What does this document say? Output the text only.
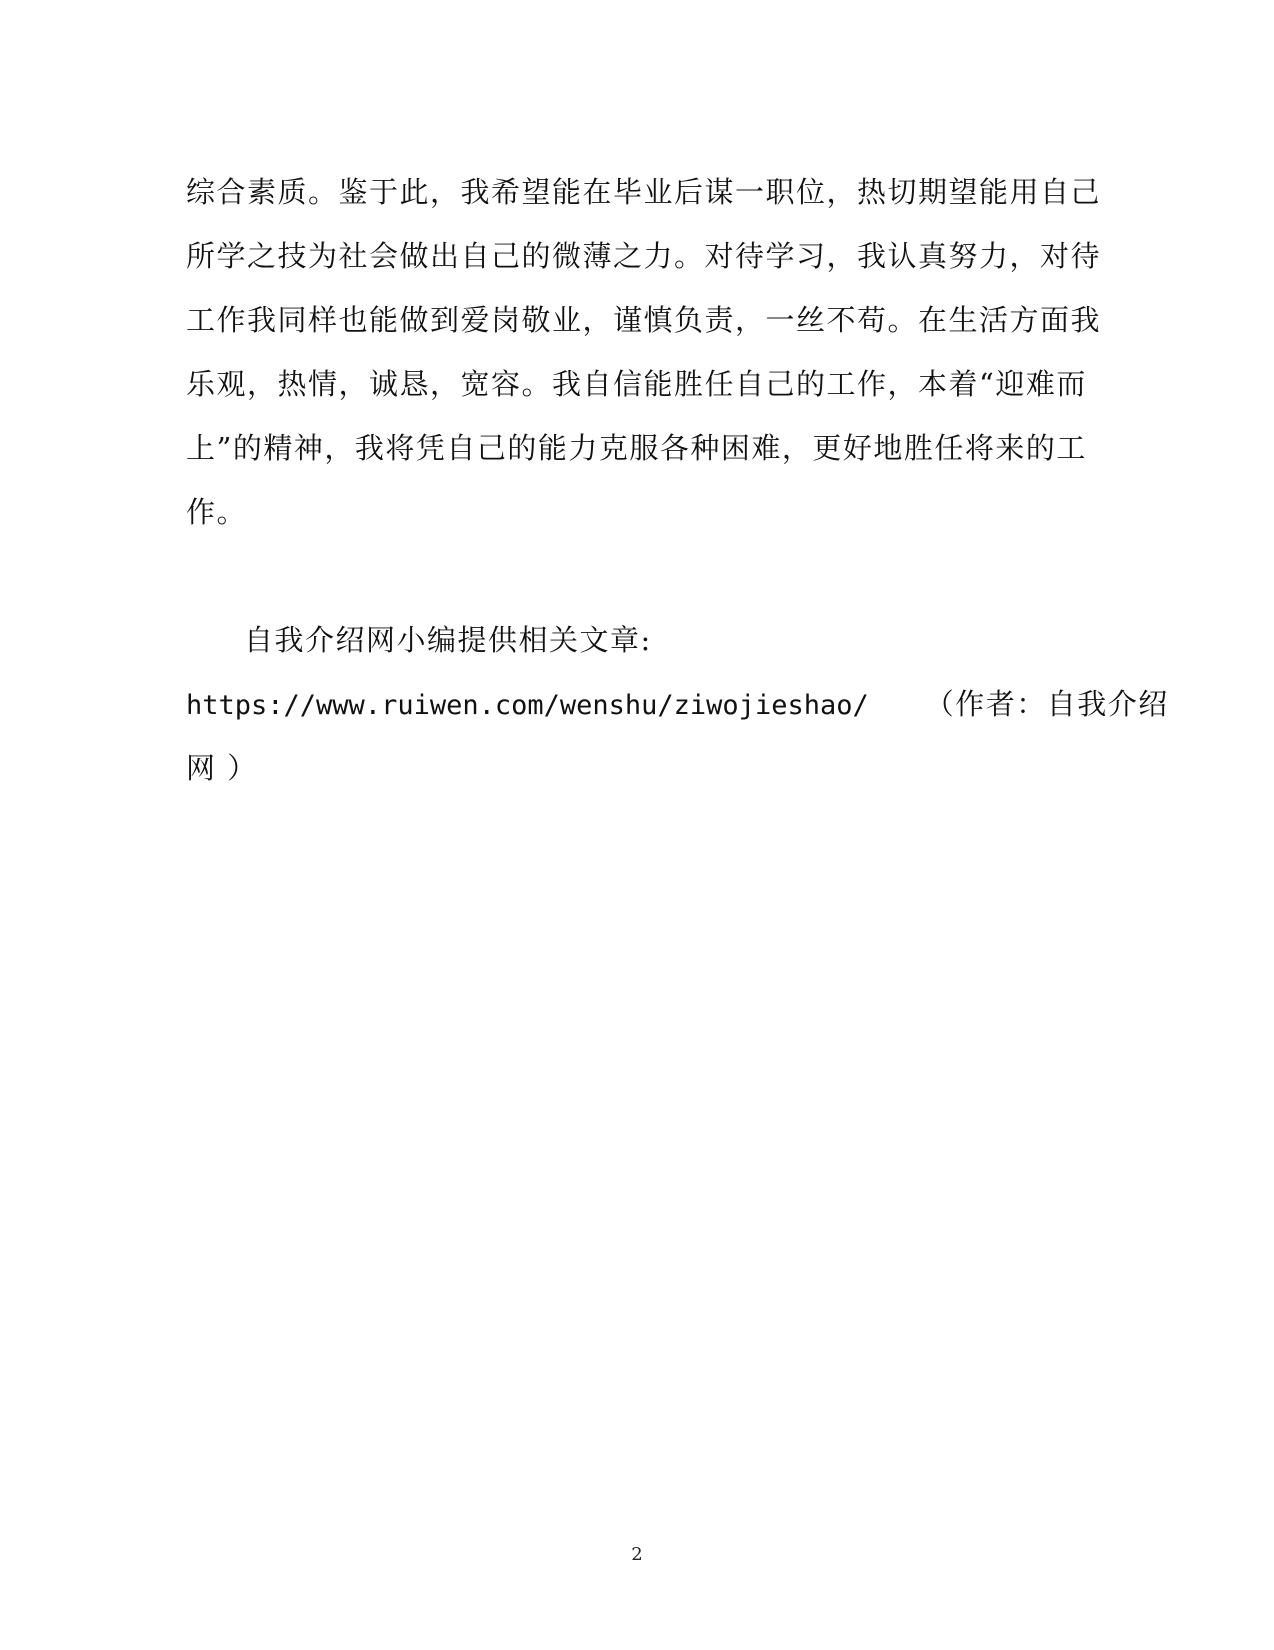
综合素质。鉴于此，我希望能在毕业后谋一职位，热切期望能用自己
所学之技为社会做出自己的微薄之力。对待学习，我认真努力，对待
工作我同样也能做到爱岗敬业，谨慎负责，一丝不苟。在生活方面我
乐观，热情，诚恳，宽容。我自信能胜任自己的工作，本着“迎难而
上”的精神，我将凭自己的能力克服各种困难，更好地胜任将来的工
作。
自我介绍网小编提供相关文章:
https://www.ruiwen.com/wenshu/ziwojieshao/ （作者：自我介绍
网 ）
2
